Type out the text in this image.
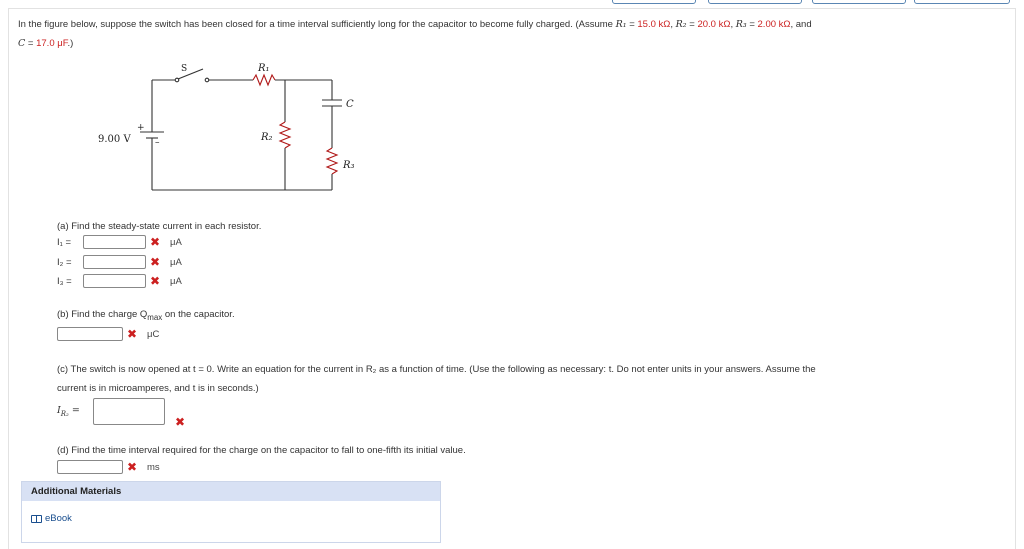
In the figure below, suppose the switch has been closed for a time interval sufficiently long for the capacitor to become fully charged. (Assume R₁ = 15.0 kΩ, R₂ = 20.0 kΩ, R₃ = 2.00 kΩ, and
C = 17.0 μF.)
9.00 V
+
–
S	R₁
R₂
C
R₃
(a) Find the steady-state current in each resistor.
I₁ =	✖ μA
I₂ =	✖ μA
I₃ =	✖ μA
(b) Find the charge $Q_{max}$ on the capacitor.
✖ μC
(c) The switch is now opened at t = 0. Write an equation for the current in R₂ as a function of time. (Use the following as necessary: t. Do not enter units in your answers. Assume the
current is in microamperes, and t is in seconds.)
$I_{R_2}$ =
✖
(d) Find the time interval required for the charge on the capacitor to fall to one-fifth its initial value.
✖ ms
Additional Materials
eBook
